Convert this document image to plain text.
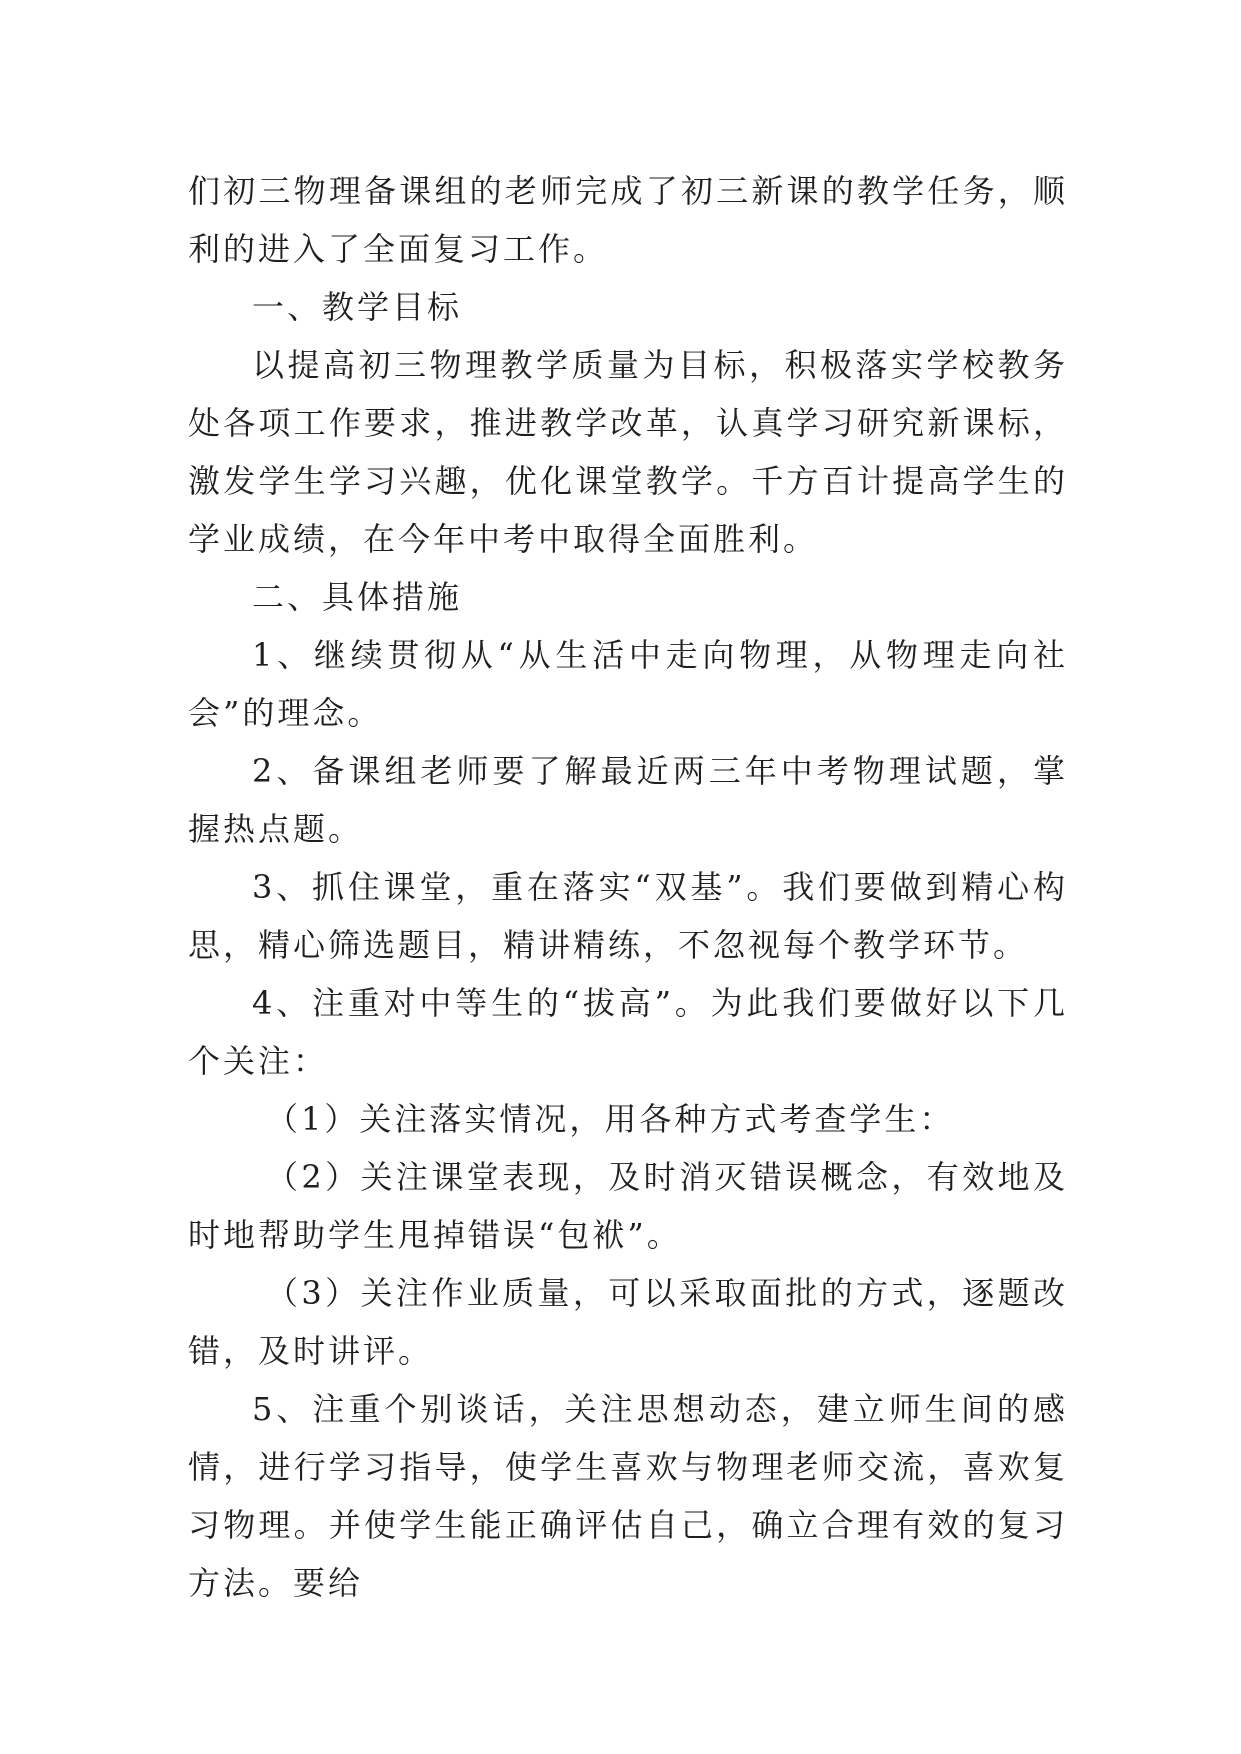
们初三物理备课组的老师完成了初三新课的教学任务，顺利的进入了全面复习工作。

一、教学目标

以提高初三物理教学质量为目标，积极落实学校教务处各项工作要求，推进教学改革，认真学习研究新课标，激发学生学习兴趣，优化课堂教学。千方百计提高学生的学业成绩，在今年中考中取得全面胜利。

二、具体措施

1、继续贯彻从“从生活中走向物理，从物理走向社会”的理念。

2、备课组老师要了解最近两三年中考物理试题，掌握热点题。

3、抓住课堂，重在落实“双基”。我们要做到精心构思，精心筛选题目，精讲精练，不忽视每个教学环节。

4、注重对中等生的“拔高”。为此我们要做好以下几个关注：

（1）关注落实情况，用各种方式考查学生：

（2）关注课堂表现，及时消灭错误概念，有效地及时地帮助学生甩掉错误“包袱”。

（3）关注作业质量，可以采取面批的方式，逐题改错，及时讲评。

5、注重个别谈话，关注思想动态，建立师生间的感情，进行学习指导，使学生喜欢与物理老师交流，喜欢复习物理。并使学生能正确评估自己，确立合理有效的复习方法。要给
